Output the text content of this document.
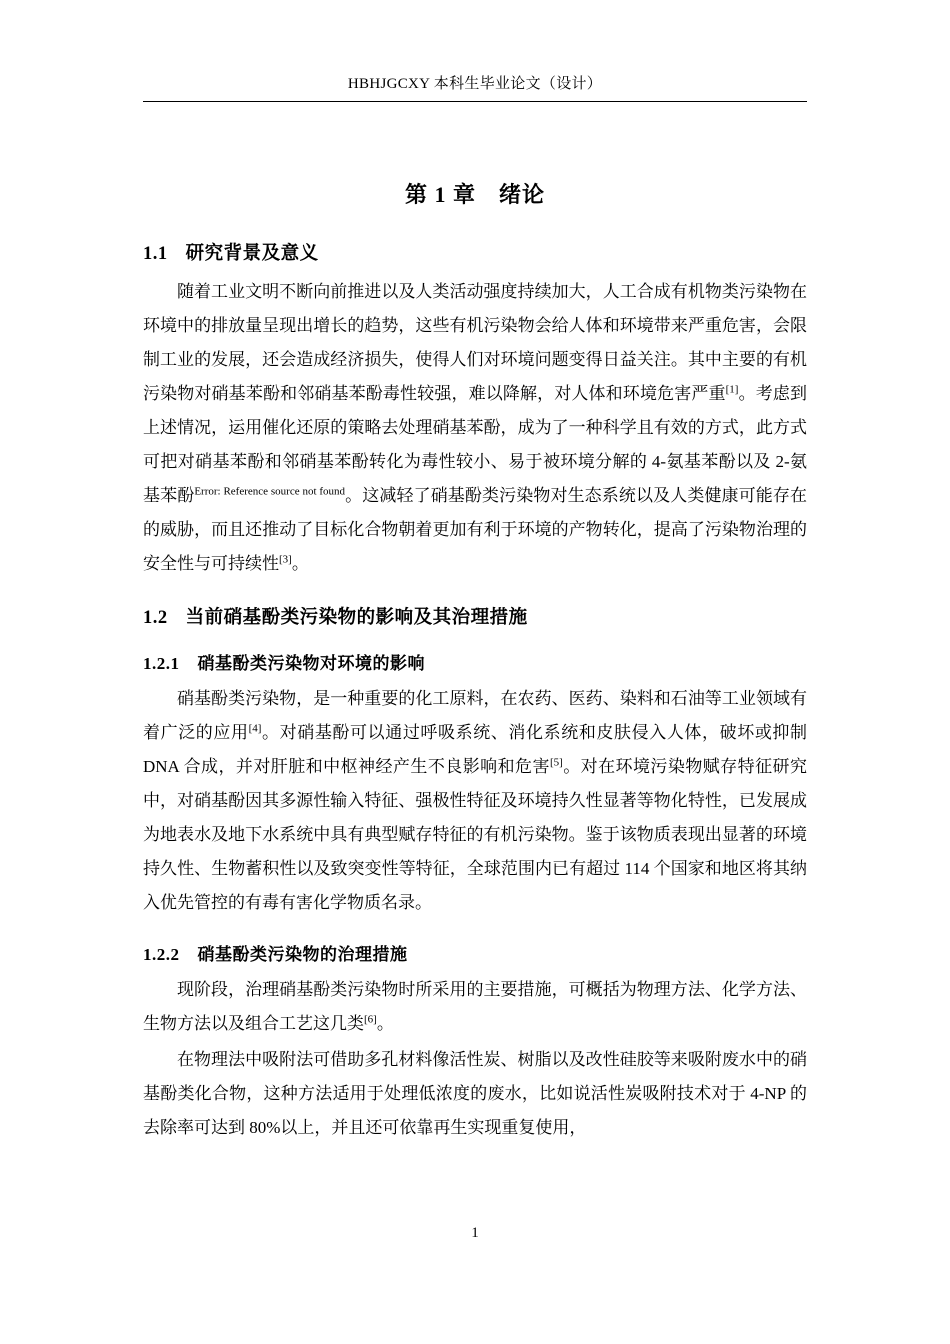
HBHJGCXY 本科生毕业论文（设计）
第 1 章　绪论
1.1 研究背景及意义

随着工业文明不断向前推进以及人类活动强度持续加大，人工合成有机物类污染物在环境中的排放量呈现出增长的趋势，这些有机污染物会给人体和环境带来严重危害，会限制工业的发展，还会造成经济损失，使得人们对环境问题变得日益关注。其中主要的有机污染物对硝基苯酚和邻硝基苯酚毒性较强，难以降解，对人体和环境危害严重[1]。考虑到上述情况，运用催化还原的策略去处理硝基苯酚，成为了一种科学且有效的方式，此方式可把对硝基苯酚和邻硝基苯酚转化为毒性较小、易于被环境分解的 4-氨基苯酚以及 2-氨基苯酚$^{Error: Reference source not found}$。这减轻了硝基酚类污染物对生态系统以及人类健康可能存在的威胁，而且还推动了目标化合物朝着更加有利于环境的产物转化，提高了污染物治理的安全性与可持续性[3]。

1.2 当前硝基酚类污染物的影响及其治理措施
1.2.1 硝基酚类污染物对环境的影响

硝基酚类污染物，是一种重要的化工原料，在农药、医药、染料和石油等工业领域有着广泛的应用[4]。对硝基酚可以通过呼吸系统、消化系统和皮肤侵入人体，破坏或抑制 DNA 合成，并对肝脏和中枢神经产生不良影响和危害[5]。对在环境污染物赋存特征研究中，对硝基酚因其多源性输入特征、强极性特征及环境持久性显著等物化特性，已发展成为地表水及地下水系统中具有典型赋存特征的有机污染物。鉴于该物质表现出显著的环境持久性、生物蓄积性以及致突变性等特征，全球范围内已有超过 114 个国家和地区将其纳入优先管控的有毒有害化学物质名录。

1.2.2 硝基酚类污染物的治理措施

现阶段，治理硝基酚类污染物时所采用的主要措施，可概括为物理方法、化学方法、生物方法以及组合工艺这几类[6]。

在物理法中吸附法可借助多孔材料像活性炭、树脂以及改性硅胶等来吸附废水中的硝基酚类化合物，这种方法适用于处理低浓度的废水，比如说活性炭吸附技术对于 4-NP 的去除率可达到 80%以上，并且还可依靠再生实现重复使用，

1
